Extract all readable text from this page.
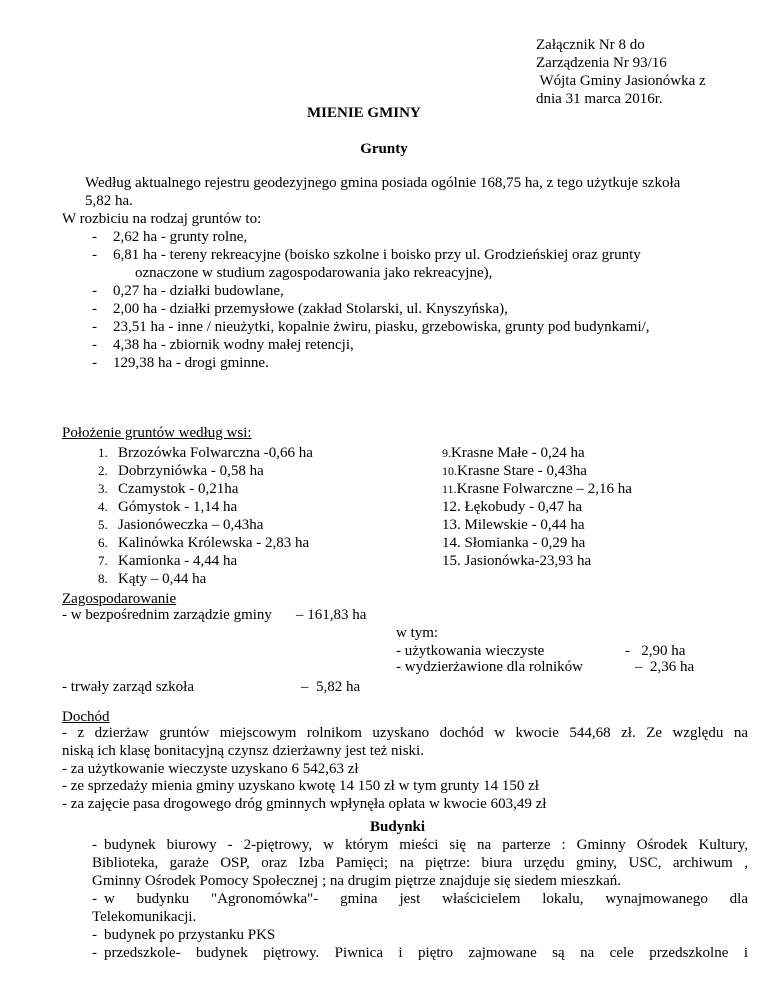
Załącznik Nr 8 do
Zarządzenia Nr 93/16
Wójta Gminy Jasionówka z
dnia 31 marca 2016r.
MIENIE GMINY
Grunty
Według aktualnego rejestru geodezyjnego gmina posiada ogólnie 168,75 ha, z tego użytkuje szkoła
5,82 ha.
W rozbiciu na rodzaj gruntów to:
- 2,62 ha - grunty rolne,
- 6,81 ha - tereny rekreacyjne (boisko szkolne i boisko przy ul. Grodzieńskiej oraz grunty
oznaczone w studium zagospodarowania jako rekreacyjne),
- 0,27 ha - działki budowlane,
- 2,00 ha - działki przemysłowe (zakład Stolarski, ul. Knyszyńska),
- 23,51 ha - inne / nieużytki, kopalnie żwiru, piasku, grzebowiska, grunty pod budynkami/,
- 4,38 ha - zbiornik wodny małej retencji,
- 129,38 ha - drogi gminne.
Położenie gruntów według wsi:
1. Brzozówka Folwarczna -0,66 ha
2. Dobrzyniówka - 0,58 ha
3. Czamystok - 0,21ha
4. Gómystok - 1,14 ha
5. Jasionóweczka – 0,43ha
6. Kalinówka Królewska - 2,83 ha
7. Kamionka - 4,44 ha
8. Kąty – 0,44 ha
9.Krasne Małe - 0,24 ha
10.Krasne Stare - 0,43ha
11.Krasne Folwarczne – 2,16 ha
12. Łękobudy - 0,47 ha
13. Milewskie - 0,44 ha
14. Słomianka - 0,29 ha
15. Jasionówka-23,93 ha
Zagospodarowanie
- w bezpośrednim zarządzie gminy – 161,83 ha
w tym:
- użytkowania wieczyste	-   2,90 ha
- wydzierżawione dla rolników	–  2,36 ha
- trwały zarząd szkoła	–  5,82 ha
Dochód
- z dzierżaw gruntów miejscowym rolnikom uzyskano dochód w kwocie 544,68 zł. Ze względu na
niską ich klasę bonitacyjną czynsz dzierżawny jest też niski.
- za użytkowanie wieczyste uzyskano 6 542,63 zł
- ze sprzedaży mienia gminy uzyskano kwotę 14 150 zł w tym grunty 14 150 zł
- za zajęcie pasa drogowego dróg gminnych wpłynęła opłata w kwocie 603,49 zł
Budynki
- budynek biurowy - 2-piętrowy, w którym mieści się na parterze : Gminny Ośrodek Kultury,
Biblioteka, garaże OSP, oraz Izba Pamięci; na piętrze: biura urzędu gminy, USC, archiwum ,
Gminny Ośrodek Pomocy Społecznej ; na drugim piętrze znajduje się siedem mieszkań.
- w budynku "Agronomówka"- gmina jest właścicielem lokalu, wynajmowanego dla
Telekomunikacji.
- budynek po przystanku PKS
- przedszkole- budynek piętrowy. Piwnica i piętro zajmowane są na cele przedszkolne i
